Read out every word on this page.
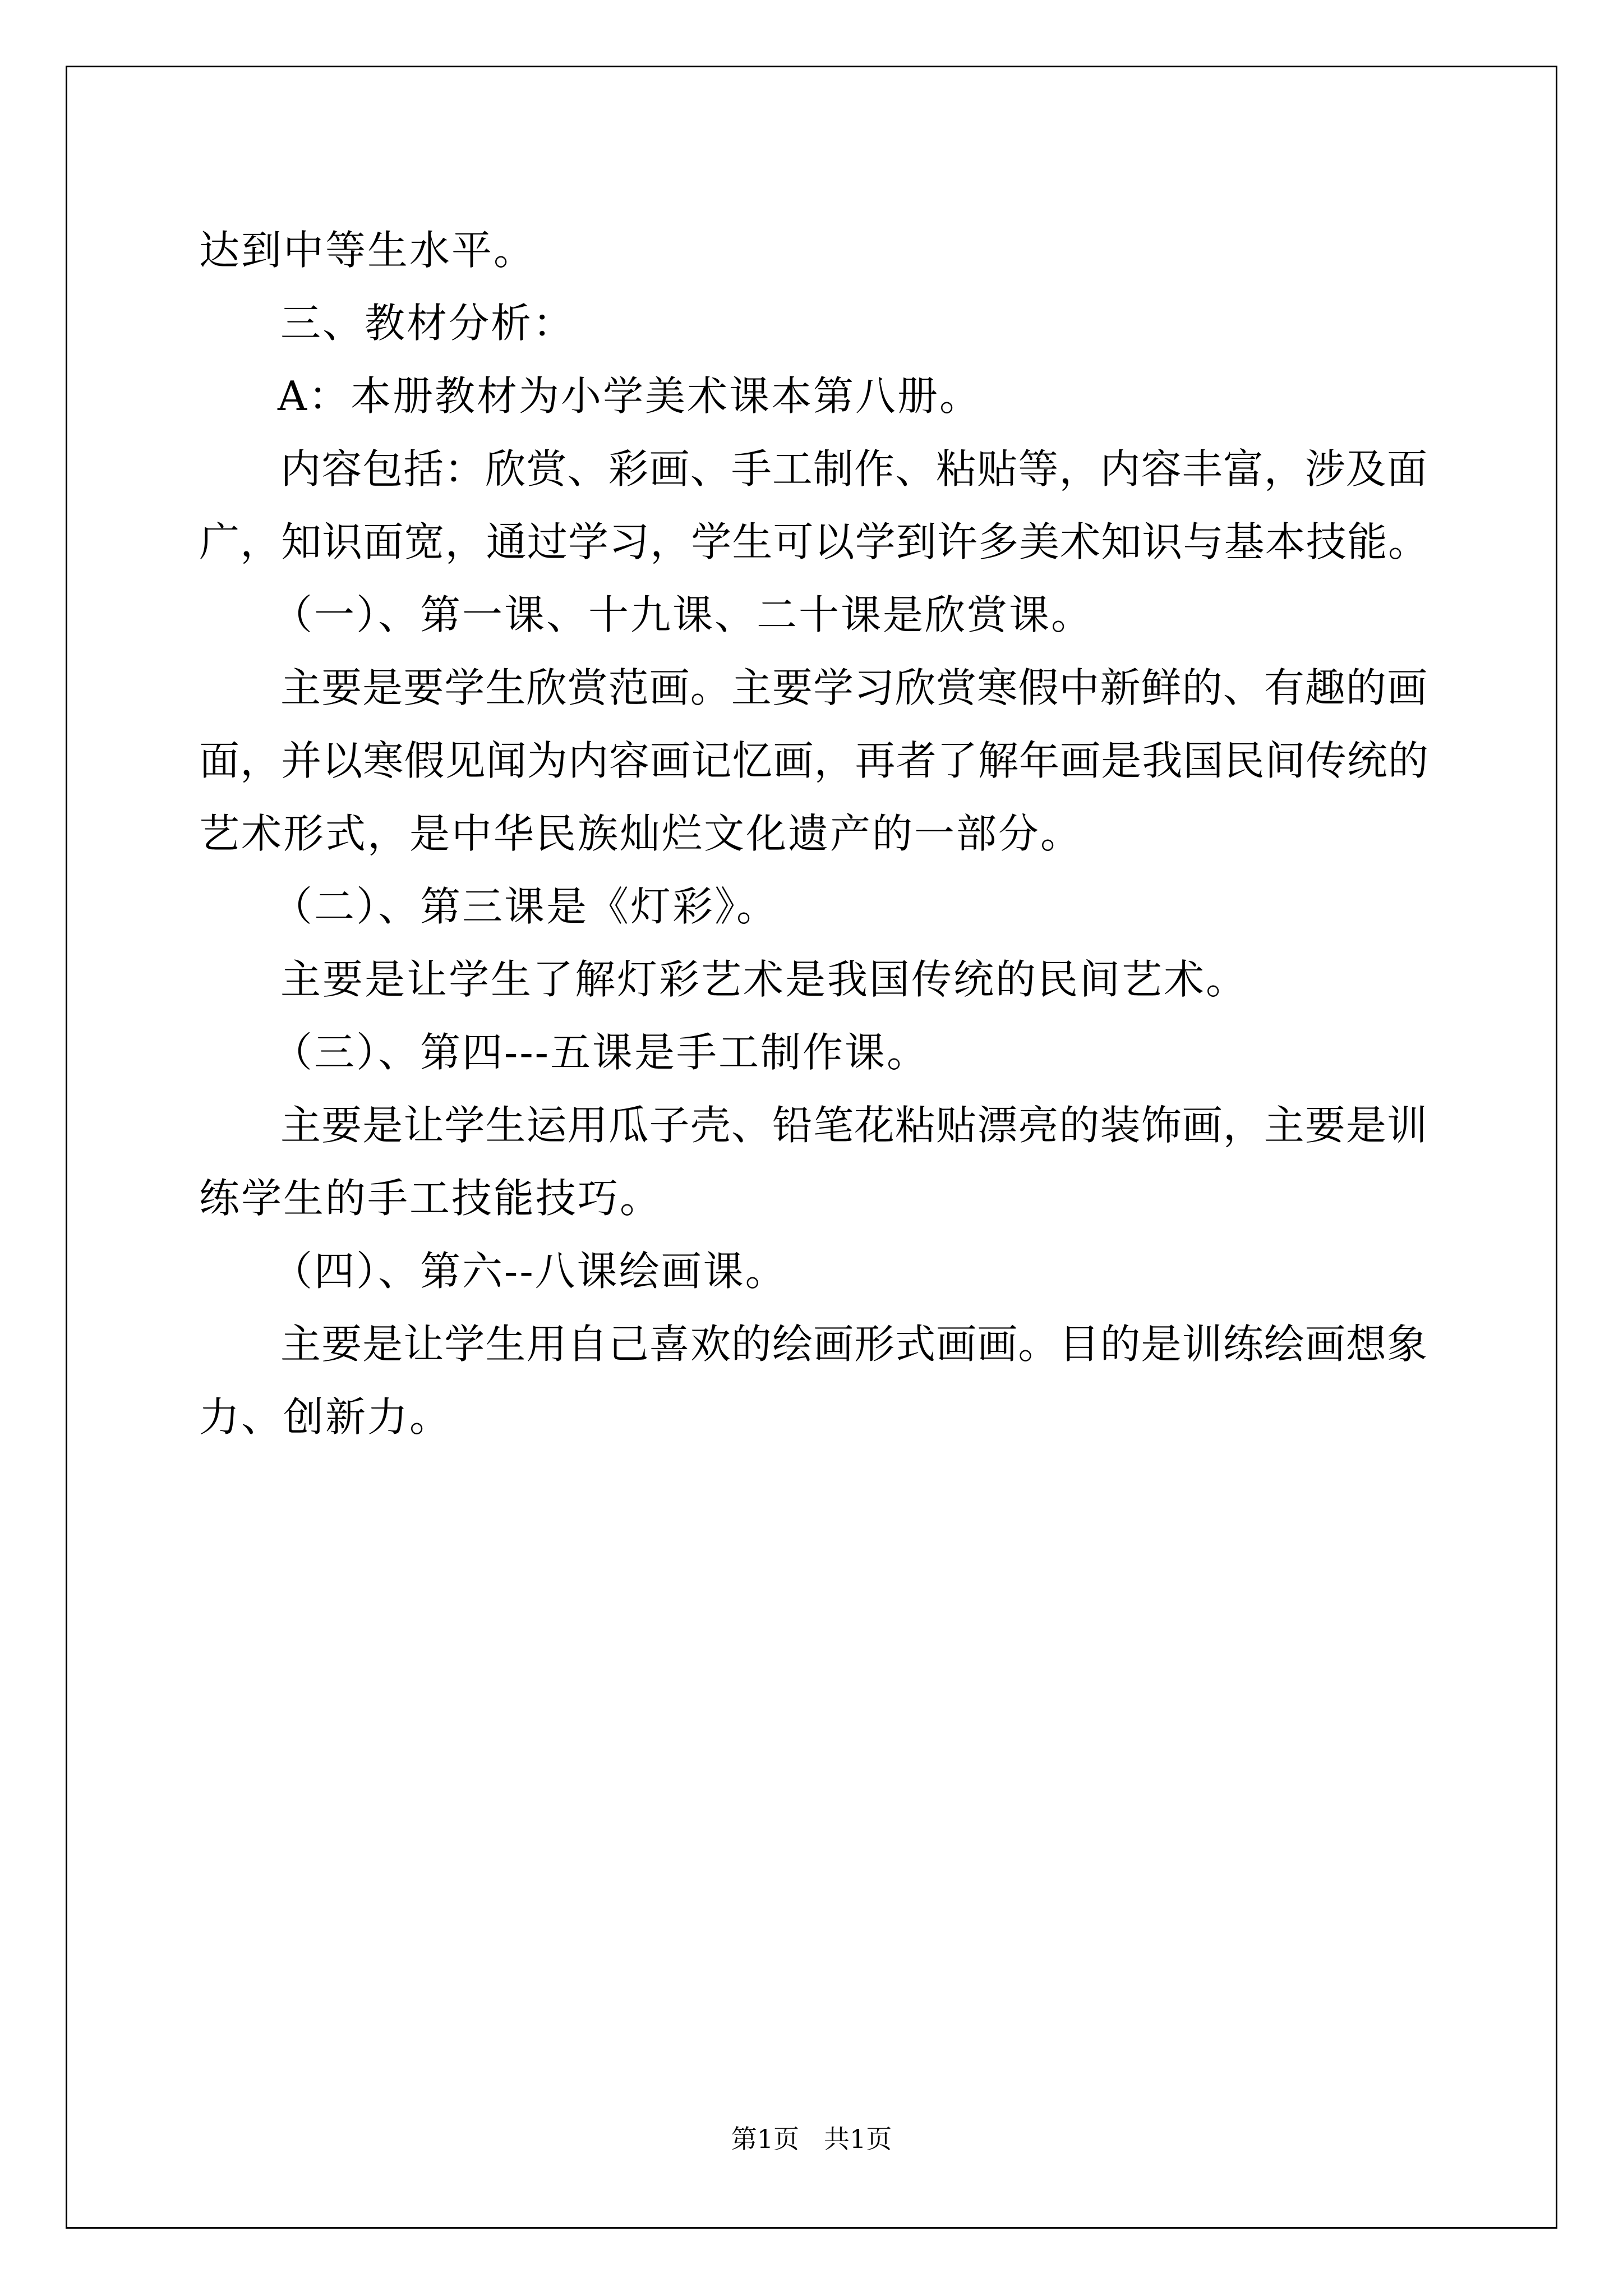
达到中等生水平。
三、教材分析：
A：本册教材为小学美术课本第八册。
内容包括：欣赏、彩画、手工制作、粘贴等，内容丰富，涉及面
广，知识面宽，通过学习，学生可以学到许多美术知识与基本技能。
（一）、第一课、十九课、二十课是欣赏课。
主要是要学生欣赏范画。主要学习欣赏寒假中新鲜的、有趣的画
面，并以寒假见闻为内容画记忆画，再者了解年画是我国民间传统的
艺术形式，是中华民族灿烂文化遗产的一部分。
（二）、第三课是《灯彩》。
主要是让学生了解灯彩艺术是我国传统的民间艺术。
（三）、第四---五课是手工制作课。
主要是让学生运用瓜子壳、铅笔花粘贴漂亮的装饰画，主要是训
练学生的手工技能技巧。
（四）、第六--八课绘画课。
主要是让学生用自己喜欢的绘画形式画画。目的是训练绘画想象
力、创新力。
第1页 共1页
